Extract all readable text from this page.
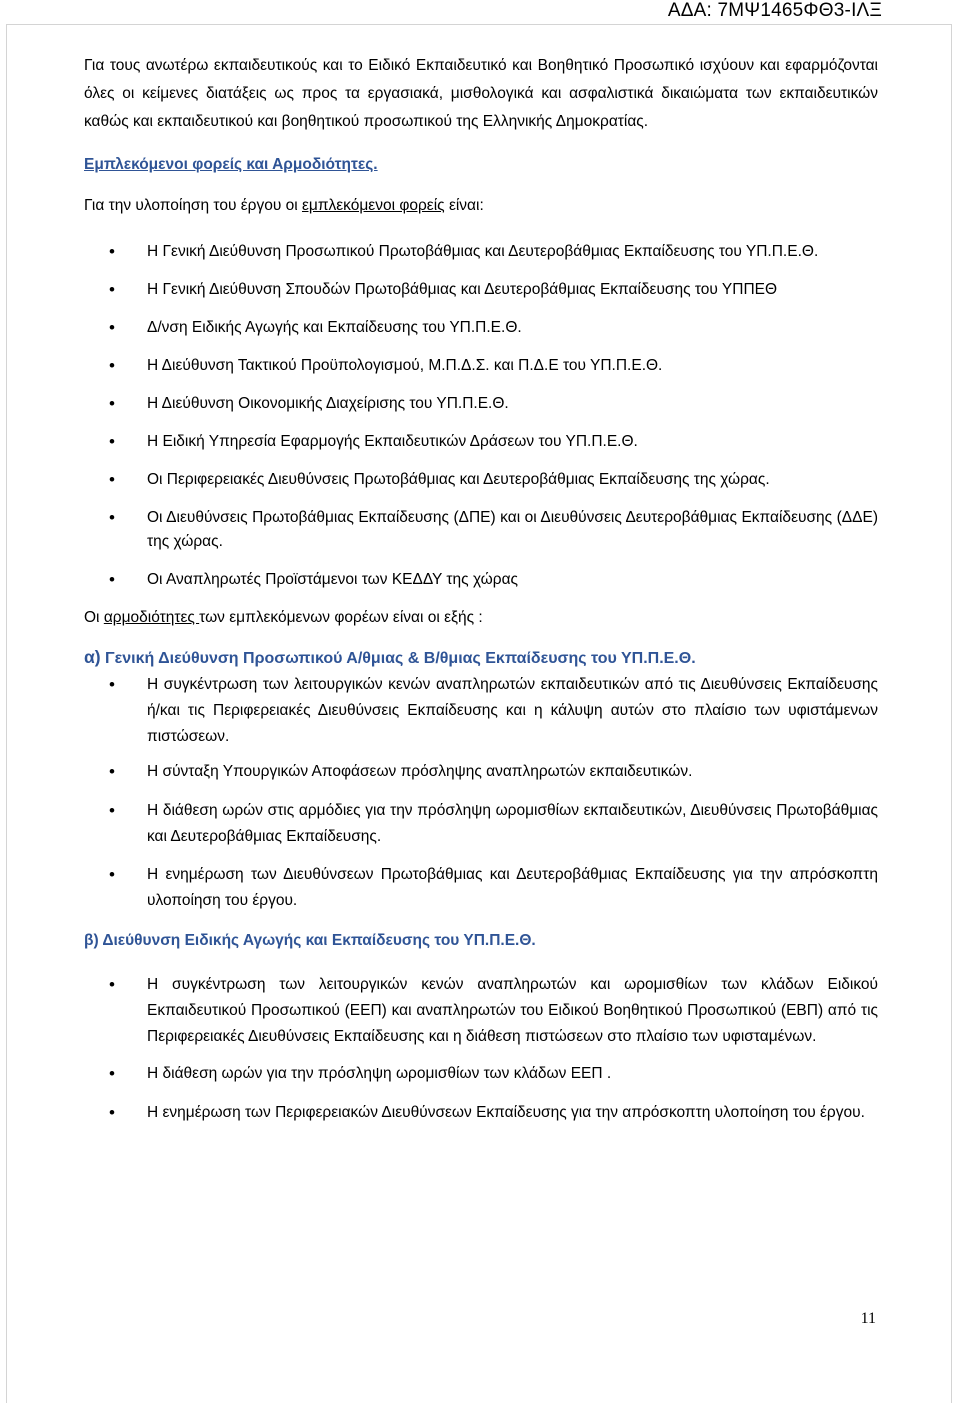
ΑΔΑ: 7ΜΨ1465ΦΘ3-ΙΛΞ

Για τους ανωτέρω εκπαιδευτικούς και το Ειδικό Εκπαιδευτικό και Βοηθητικό Προσωπικό ισχύουν και εφαρμόζονται όλες οι κείμενες διατάξεις ως προς τα εργασιακά, μισθολογικά και ασφαλιστικά δικαιώματα των εκπαιδευτικών καθώς και εκπαιδευτικού και βοηθητικού προσωπικού της Ελληνικής Δημοκρατίας.

Εμπλεκόμενοι φορείς και Αρμοδιότητες.

Για την υλοποίηση του έργου οι εμπλεκόμενοι φορείς είναι:

• Η Γενική Διεύθυνση Προσωπικού Πρωτοβάθμιας και Δευτεροβάθμιας Εκπαίδευσης του ΥΠ.Π.Ε.Θ.
• Η Γενική Διεύθυνση Σπουδών Πρωτοβάθμιας και Δευτεροβάθμιας Εκπαίδευσης του ΥΠΠΕΘ
• Δ/νση Ειδικής Αγωγής και Εκπαίδευσης του ΥΠ.Π.Ε.Θ.
• Η Διεύθυνση Τακτικού Προϋπολογισμού, Μ.Π.Δ.Σ. και Π.Δ.Ε του ΥΠ.Π.Ε.Θ.
• Η Διεύθυνση Οικονομικής Διαχείρισης του ΥΠ.Π.Ε.Θ.
• Η Ειδική Υπηρεσία Εφαρμογής Εκπαιδευτικών Δράσεων του ΥΠ.Π.Ε.Θ.
• Οι Περιφερειακές Διευθύνσεις Πρωτοβάθμιας και Δευτεροβάθμιας Εκπαίδευσης της χώρας.
• Οι Διευθύνσεις Πρωτοβάθμιας Εκπαίδευσης (ΔΠΕ) και οι Διευθύνσεις Δευτεροβάθμιας Εκπαίδευσης (ΔΔΕ) της χώρας.
• Οι Αναπληρωτές Προϊστάμενοι των ΚΕΔΔΥ της χώρας

Οι αρμοδιότητες των εμπλεκόμενων φορέων είναι οι εξής :

α) Γενική Διεύθυνση Προσωπικού Α/θμιας & Β/θμιας Εκπαίδευσης του ΥΠ.Π.Ε.Θ.

• Η συγκέντρωση των λειτουργικών κενών αναπληρωτών εκπαιδευτικών από τις Διευθύνσεις Εκπαίδευσης ή/και τις Περιφερειακές Διευθύνσεις Εκπαίδευσης και η κάλυψη αυτών στο πλαίσιο των υφιστάμενων πιστώσεων.
• Η σύνταξη Υπουργικών Αποφάσεων πρόσληψης αναπληρωτών εκπαιδευτικών.
• Η διάθεση ωρών στις αρμόδιες για την πρόσληψη ωρομισθίων εκπαιδευτικών, Διευθύνσεις Πρωτοβάθμιας και Δευτεροβάθμιας Εκπαίδευσης.
• Η ενημέρωση των Διευθύνσεων Πρωτοβάθμιας και Δευτεροβάθμιας Εκπαίδευσης για την απρόσκοπτη υλοποίηση του έργου.

β) Διεύθυνση Ειδικής Αγωγής και Εκπαίδευσης του ΥΠ.Π.Ε.Θ.

• Η συγκέντρωση των λειτουργικών κενών αναπληρωτών και ωρομισθίων των κλάδων Ειδικού Εκπαιδευτικού Προσωπικού (ΕΕΠ) και αναπληρωτών του Ειδικού Βοηθητικού Προσωπικού (ΕΒΠ) από τις Περιφερειακές Διευθύνσεις Εκπαίδευσης και η διάθεση πιστώσεων στο πλαίσιο των υφισταμένων.
• Η διάθεση ωρών για την πρόσληψη ωρομισθίων των κλάδων ΕΕΠ .
• Η ενημέρωση των Περιφερειακών Διευθύνσεων Εκπαίδευσης για την απρόσκοπτη υλοποίηση του έργου.
11
